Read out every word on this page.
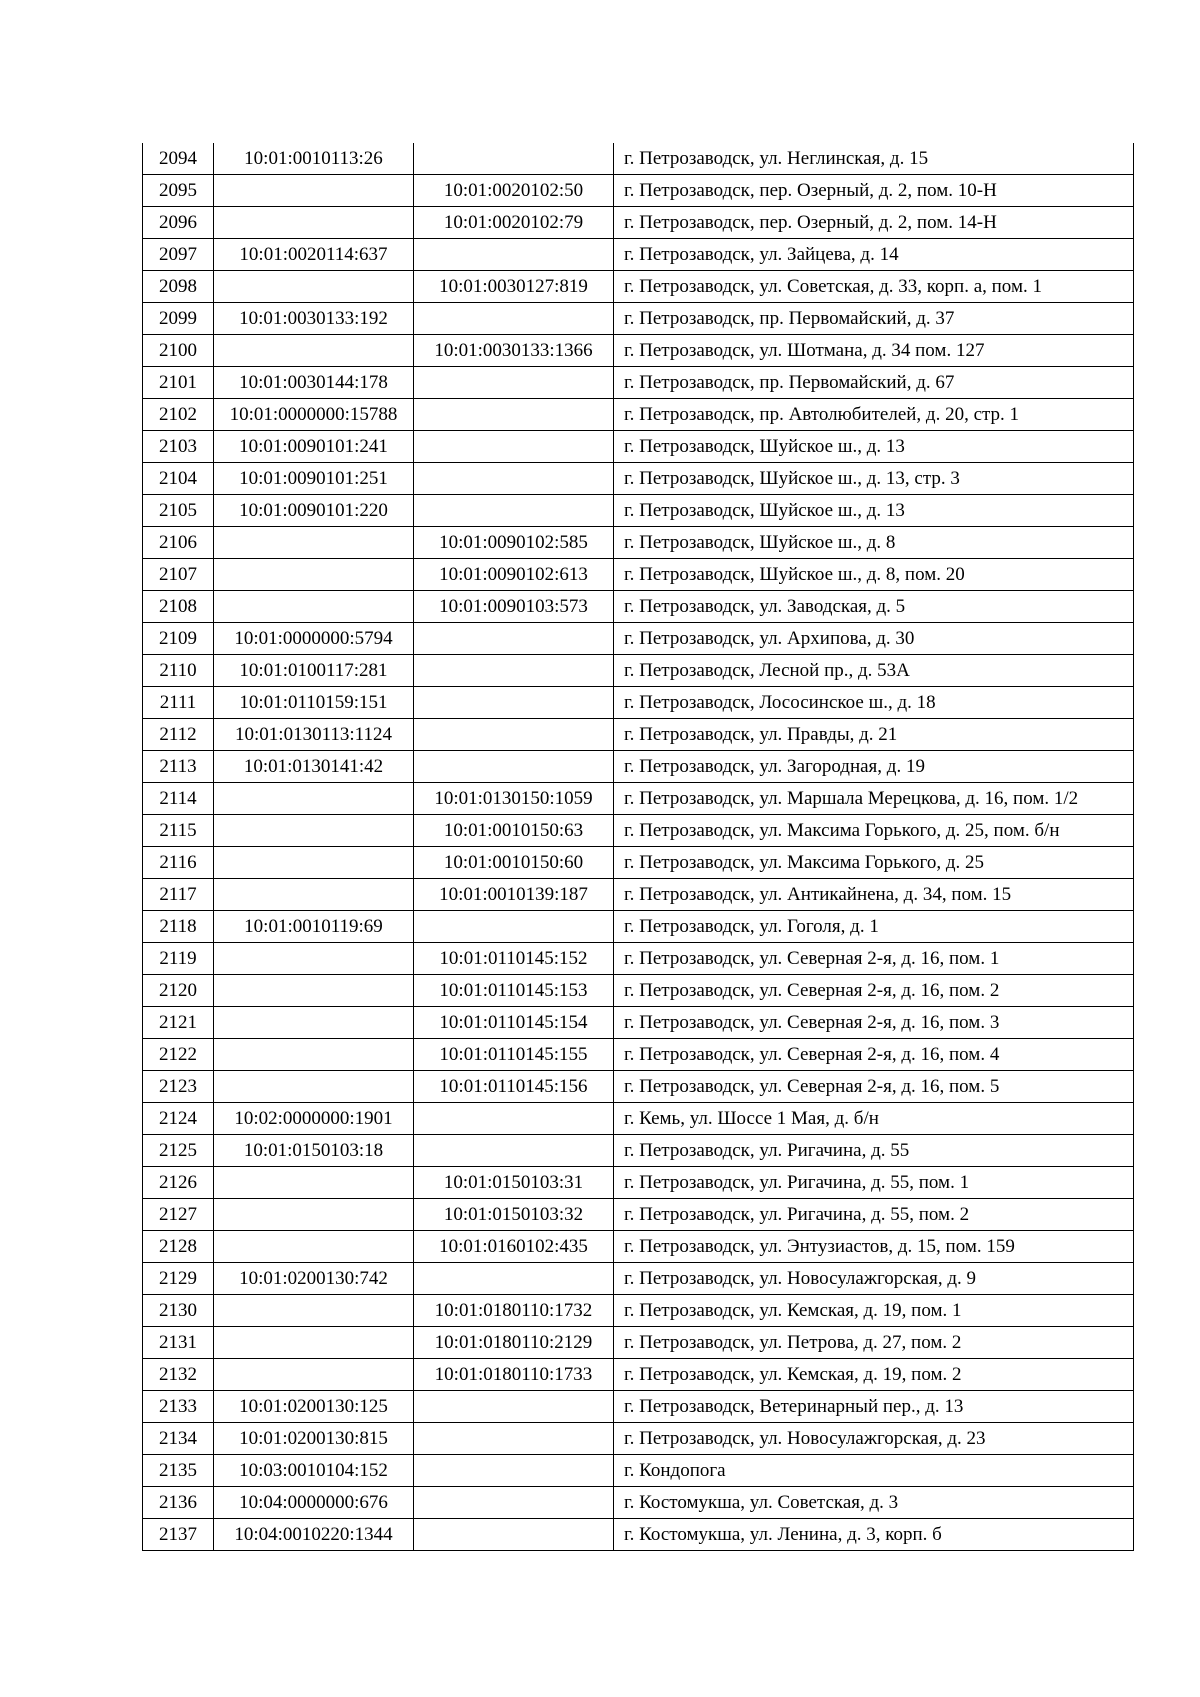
2094	10:01:0010113:26		г. Петрозаводск, ул. Неглинская, д. 15
2095		10:01:0020102:50	г. Петрозаводск, пер. Озерный, д. 2, пом. 10-Н
2096		10:01:0020102:79	г. Петрозаводск, пер. Озерный, д. 2, пом. 14-Н
2097	10:01:0020114:637		г. Петрозаводск, ул. Зайцева, д. 14
2098		10:01:0030127:819	г. Петрозаводск, ул. Советская, д. 33, корп. а, пом. 1
2099	10:01:0030133:192		г. Петрозаводск, пр. Первомайский, д. 37
2100		10:01:0030133:1366	г. Петрозаводск, ул. Шотмана, д. 34 пом. 127
2101	10:01:0030144:178		г. Петрозаводск, пр. Первомайский, д. 67
2102	10:01:0000000:15788		г. Петрозаводск, пр. Автолюбителей, д. 20, стр. 1
2103	10:01:0090101:241		г. Петрозаводск, Шуйское ш., д. 13
2104	10:01:0090101:251		г. Петрозаводск, Шуйское ш., д. 13, стр. 3
2105	10:01:0090101:220		г. Петрозаводск, Шуйское ш., д. 13
2106		10:01:0090102:585	г. Петрозаводск, Шуйское ш., д. 8
2107		10:01:0090102:613	г. Петрозаводск, Шуйское ш., д. 8, пом. 20
2108		10:01:0090103:573	г. Петрозаводск, ул. Заводская, д. 5
2109	10:01:0000000:5794		г. Петрозаводск, ул. Архипова, д. 30
2110	10:01:0100117:281		г. Петрозаводск, Лесной пр., д. 53А
2111	10:01:0110159:151		г. Петрозаводск, Лососинское ш., д. 18
2112	10:01:0130113:1124		г. Петрозаводск, ул. Правды, д. 21
2113	10:01:0130141:42		г. Петрозаводск, ул. Загородная, д. 19
2114		10:01:0130150:1059	г. Петрозаводск, ул. Маршала Мерецкова, д. 16, пом. 1/2
2115		10:01:0010150:63	г. Петрозаводск, ул. Максима Горького, д. 25, пом. б/н
2116		10:01:0010150:60	г. Петрозаводск, ул. Максима Горького, д. 25
2117		10:01:0010139:187	г. Петрозаводск, ул. Антикайнена, д. 34, пом. 15
2118	10:01:0010119:69		г. Петрозаводск, ул. Гоголя, д. 1
2119		10:01:0110145:152	г. Петрозаводск, ул. Северная 2-я, д. 16, пом. 1
2120		10:01:0110145:153	г. Петрозаводск, ул. Северная 2-я, д. 16, пом. 2
2121		10:01:0110145:154	г. Петрозаводск, ул. Северная 2-я, д. 16, пом. 3
2122		10:01:0110145:155	г. Петрозаводск, ул. Северная 2-я, д. 16, пом. 4
2123		10:01:0110145:156	г. Петрозаводск, ул. Северная 2-я, д. 16, пом. 5
2124	10:02:0000000:1901		г. Кемь, ул. Шоссе 1 Мая, д. б/н
2125	10:01:0150103:18		г. Петрозаводск, ул. Ригачина, д. 55
2126		10:01:0150103:31	г. Петрозаводск, ул. Ригачина, д. 55, пом. 1
2127		10:01:0150103:32	г. Петрозаводск, ул. Ригачина, д. 55, пом. 2
2128		10:01:0160102:435	г. Петрозаводск, ул. Энтузиастов, д. 15, пом. 159
2129	10:01:0200130:742		г. Петрозаводск, ул. Новосулажгорская, д. 9
2130		10:01:0180110:1732	г. Петрозаводск, ул. Кемская, д. 19, пом. 1
2131		10:01:0180110:2129	г. Петрозаводск, ул. Петрова, д. 27, пом. 2
2132		10:01:0180110:1733	г. Петрозаводск, ул. Кемская, д. 19, пом. 2
2133	10:01:0200130:125		г. Петрозаводск, Ветеринарный пер., д. 13
2134	10:01:0200130:815		г. Петрозаводск, ул. Новосулажгорская, д. 23
2135	10:03:0010104:152		г. Кондопога
2136	10:04:0000000:676		г. Костомукша, ул. Советская, д. 3
2137	10:04:0010220:1344		г. Костомукша, ул. Ленина, д. 3, корп. б
